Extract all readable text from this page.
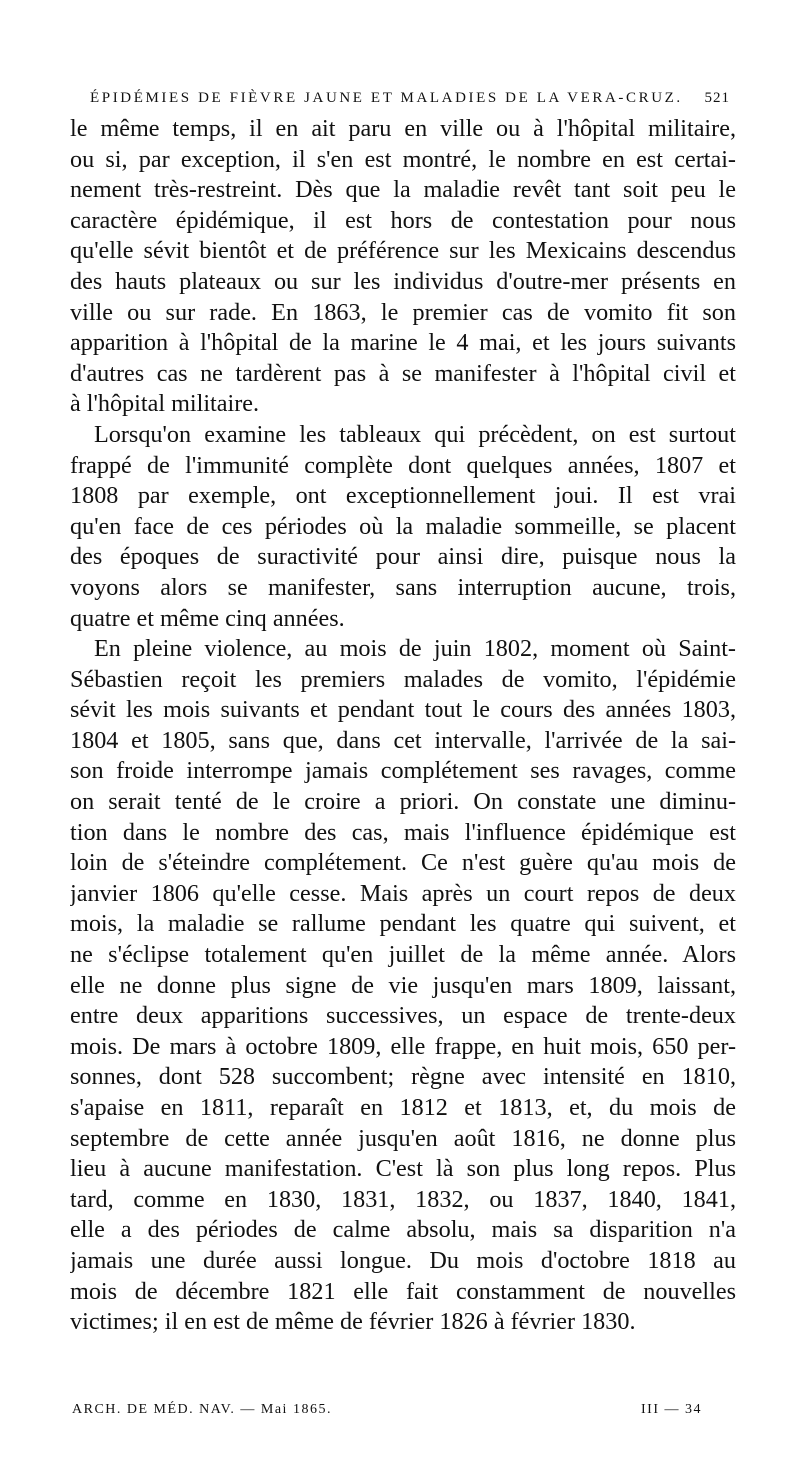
ÉPIDÉMIES DE FIÈVRE JAUNE ET MALADIES DE LA VERA-CRUZ. 521
le même temps, il en ait paru en ville ou à l'hôpital militaire,
ou si, par exception, il s'en est montré, le nombre en est certai-
nement très-restreint. Dès que la maladie revêt tant soit peu le
caractère épidémique, il est hors de contestation pour nous
qu'elle sévit bientôt et de préférence sur les Mexicains descendus
des hauts plateaux ou sur les individus d'outre-mer présents en
ville ou sur rade. En 1863, le premier cas de vomito fit son
apparition à l'hôpital de la marine le 4 mai, et les jours suivants
d'autres cas ne tardèrent pas à se manifester à l'hôpital civil et
à l'hôpital militaire.
Lorsqu'on examine les tableaux qui précèdent, on est surtout
frappé de l'immunité complète dont quelques années, 1807 et
1808 par exemple, ont exceptionnellement joui. Il est vrai
qu'en face de ces périodes où la maladie sommeille, se placent
des époques de suractivité pour ainsi dire, puisque nous la
voyons alors se manifester, sans interruption aucune, trois,
quatre et même cinq années.
En pleine violence, au mois de juin 1802, moment où Saint-
Sébastien reçoit les premiers malades de vomito, l'épidémie
sévit les mois suivants et pendant tout le cours des années 1803,
1804 et 1805, sans que, dans cet intervalle, l'arrivée de la sai-
son froide interrompe jamais complétement ses ravages, comme
on serait tenté de le croire a priori. On constate une diminu-
tion dans le nombre des cas, mais l'influence épidémique est
loin de s'éteindre complétement. Ce n'est guère qu'au mois de
janvier 1806 qu'elle cesse. Mais après un court repos de deux
mois, la maladie se rallume pendant les quatre qui suivent, et
ne s'éclipse totalement qu'en juillet de la même année. Alors
elle ne donne plus signe de vie jusqu'en mars 1809, laissant,
entre deux apparitions successives, un espace de trente-deux
mois. De mars à octobre 1809, elle frappe, en huit mois, 650 per-
sonnes, dont 528 succombent; règne avec intensité en 1810,
s'apaise en 1811, reparaît en 1812 et 1813, et, du mois de
septembre de cette année jusqu'en août 1816, ne donne plus
lieu à aucune manifestation. C'est là son plus long repos. Plus
tard, comme en 1830, 1831, 1832, ou 1837, 1840, 1841,
elle a des périodes de calme absolu, mais sa disparition n'a
jamais une durée aussi longue. Du mois d'octobre 1818 au
mois de décembre 1821 elle fait constamment de nouvelles
victimes; il en est de même de février 1826 à février 1830.
ARCH. DE MÉD. NAV. — Mai 1865.	III — 34
